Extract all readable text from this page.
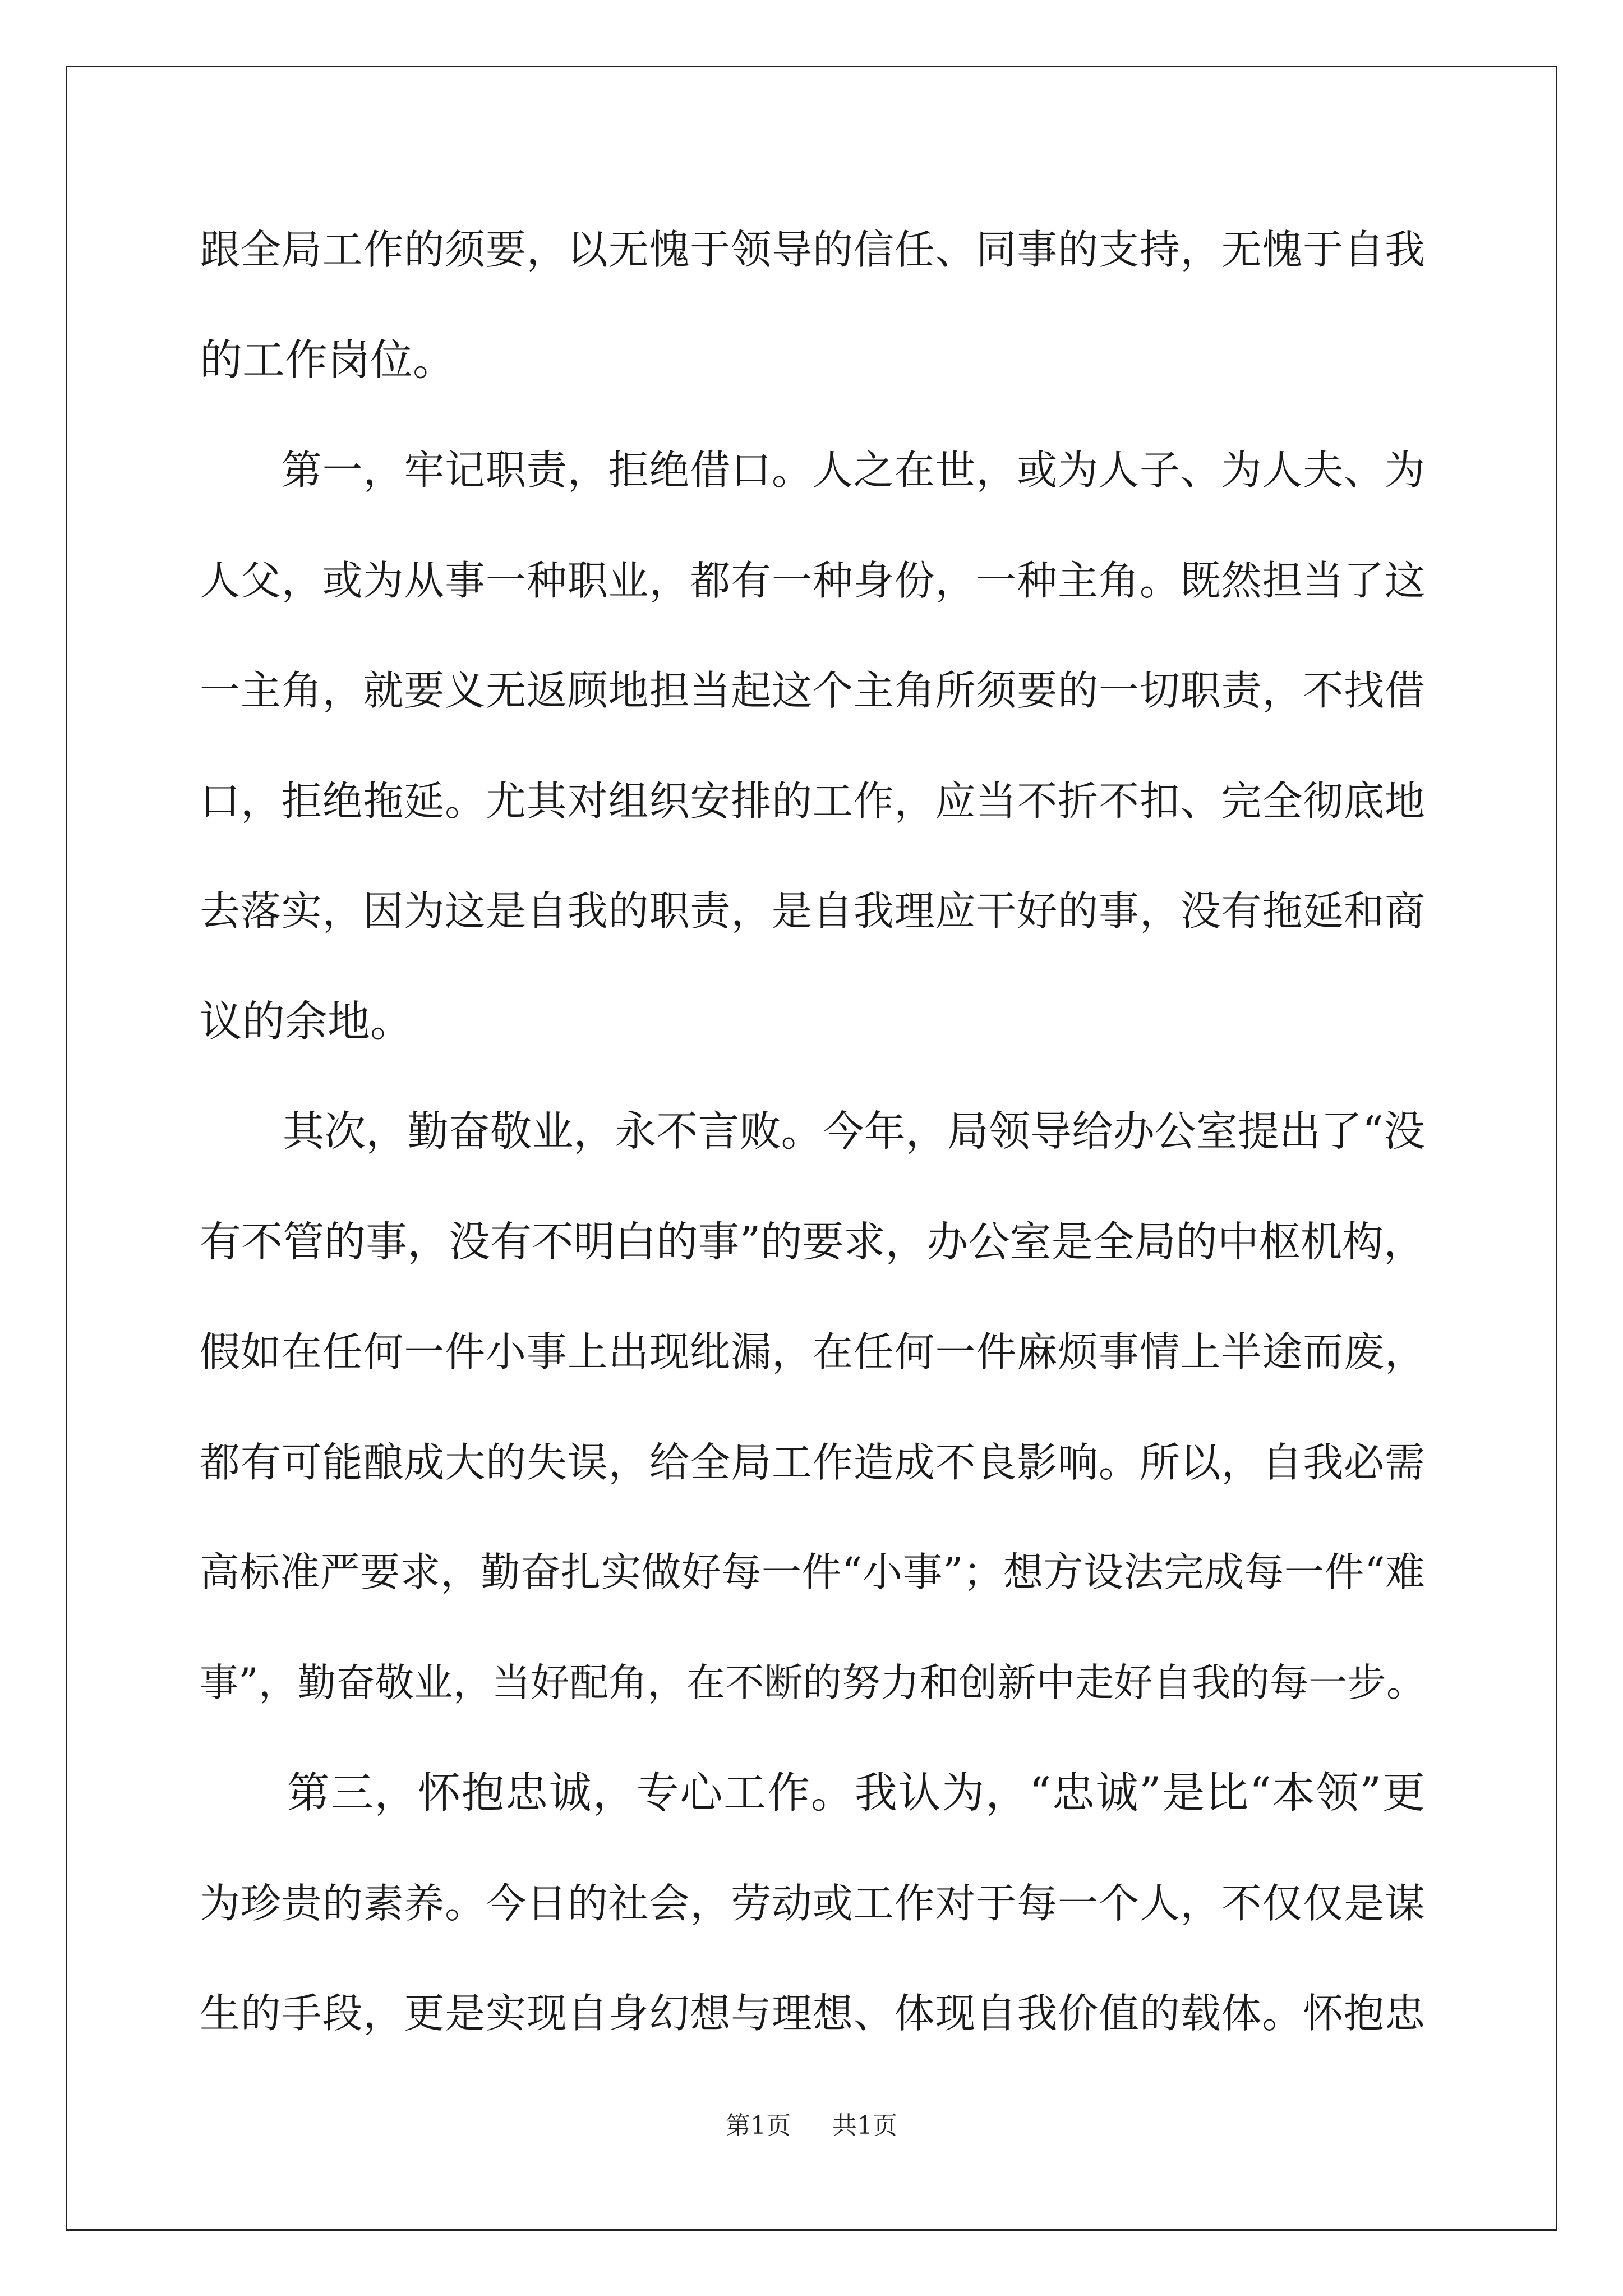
跟全局工作的须要，以无愧于领导的信任、同事的支持，无愧于自我
的工作岗位。
　　第一，牢记职责，拒绝借口。人之在世，或为人子、为人夫、为
人父，或为从事一种职业，都有一种身份，一种主角。既然担当了这
一主角，就要义无返顾地担当起这个主角所须要的一切职责，不找借
口，拒绝拖延。尤其对组织安排的工作，应当不折不扣、完全彻底地
去落实，因为这是自我的职责，是自我理应干好的事，没有拖延和商
议的余地。
　　其次，勤奋敬业，永不言败。今年，局领导给办公室提出了“没
有不管的事，没有不明白的事”的要求，办公室是全局的中枢机构，
假如在任何一件小事上出现纰漏，在任何一件麻烦事情上半途而废，
都有可能酿成大的失误，给全局工作造成不良影响。所以，自我必需
高标准严要求，勤奋扎实做好每一件“小事”；想方设法完成每一件“难
事”，勤奋敬业，当好配角，在不断的努力和创新中走好自我的每一步。
　　第三，怀抱忠诚，专心工作。我认为，“忠诚”是比“本领”更
为珍贵的素养。今日的社会，劳动或工作对于每一个人，不仅仅是谋
生的手段，更是实现自身幻想与理想、体现自我价值的载体。怀抱忠
第1页 共1页
